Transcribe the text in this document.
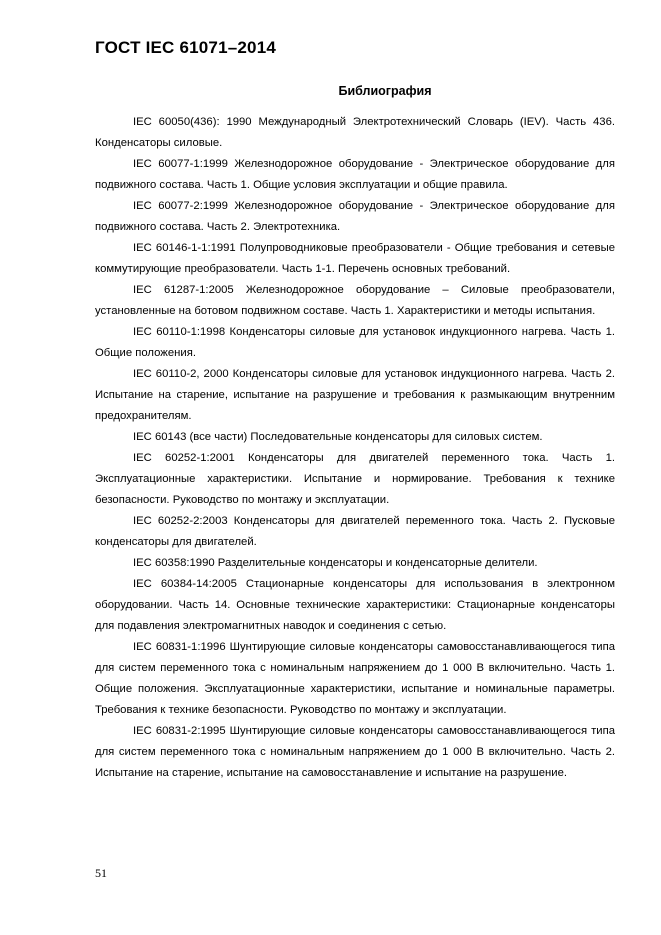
ГОСТ IEC 61071–2014
Библиография
IEC 60050(436): 1990 Международный Электротехнический Словарь (IEV). Часть 436. Конденсаторы силовые.
IEC 60077-1:1999 Железнодорожное оборудование - Электрическое оборудование для подвижного состава. Часть 1. Общие условия эксплуатации и общие правила.
IEC 60077-2:1999 Железнодорожное оборудование - Электрическое оборудование для подвижного состава. Часть 2. Электротехника.
IEC 60146-1-1:1991 Полупроводниковые преобразователи - Общие требования и сетевые коммутирующие преобразователи. Часть 1-1. Перечень основных требований.
IEC 61287-1:2005 Железнодорожное оборудование – Силовые преобразователи, установленные на ботовом подвижном составе. Часть 1. Характеристики и методы испытания.
IEC 60110-1:1998 Конденсаторы силовые для установок индукционного нагрева. Часть 1. Общие положения.
IEC 60110-2, 2000 Конденсаторы силовые для установок индукционного нагрева. Часть 2. Испытание на старение, испытание на разрушение и требования к размыкающим внутренним предохранителям.
IEC 60143 (все части) Последовательные конденсаторы для силовых систем.
IEC 60252-1:2001 Конденсаторы для двигателей переменного тока. Часть 1. Эксплуатационные характеристики. Испытание и нормирование. Требования к технике безопасности. Руководство по монтажу и эксплуатации.
IEC 60252-2:2003 Конденсаторы для двигателей переменного тока. Часть 2. Пусковые конденсаторы для двигателей.
IEC 60358:1990 Разделительные конденсаторы и конденсаторные делители.
IEC 60384-14:2005 Стационарные конденсаторы для использования в электронном оборудовании. Часть 14. Основные технические характеристики: Стационарные конденсаторы для подавления электромагнитных наводок и соединения с сетью.
IEC 60831-1:1996 Шунтирующие силовые конденсаторы самовосстанавливающегося типа для систем переменного тока с номинальным напряжением до 1 000 В включительно. Часть 1. Общие положения. Эксплуатационные характеристики, испытание и номинальные параметры. Требования к технике безопасности. Руководство по монтажу и эксплуатации.
IEC 60831-2:1995 Шунтирующие силовые конденсаторы самовосстанавливающегося типа для систем переменного тока с номинальным напряжением до 1 000 В включительно. Часть 2. Испытание на старение, испытание на самовосстанавление и испытание на разрушение.
51
